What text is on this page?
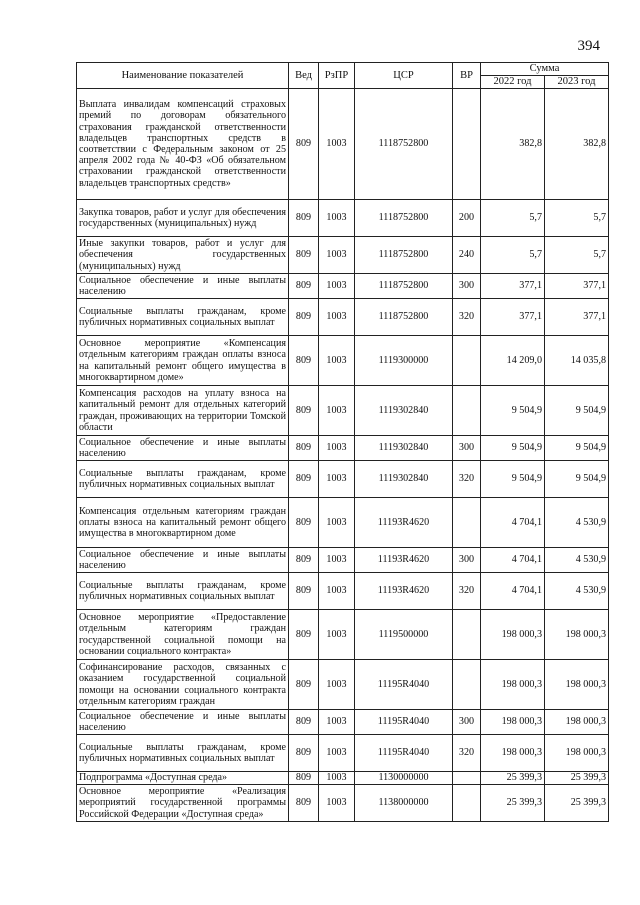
394
Наименование показателей	Вед	РзПР	ЦСР	ВР	Сумма	
					2022 год	2023 год
Выплата инвалидам компенсаций страховых премий по договорам обязательного страхования гражданской ответственности владельцев транспортных средств в соответствии с Федеральным законом от 25 апреля 2002 года № 40-ФЗ «Об обязательном страховании гражданской ответственности владельцев транспортных средств»	809	1003	1118752800		382,8	382,8
Закупка товаров, работ и услуг для обеспечения государственных (муниципальных) нужд	809	1003	1118752800	200	5,7	5,7
Иные закупки товаров, работ и услуг для обеспечения государственных (муниципальных) нужд	809	1003	1118752800	240	5,7	5,7
Социальное обеспечение и иные выплаты населению	809	1003	1118752800	300	377,1	377,1
Социальные выплаты гражданам, кроме публичных нормативных социальных выплат	809	1003	1118752800	320	377,1	377,1
Основное мероприятие «Компенсация отдельным категориям граждан оплаты взноса на капитальный ремонт общего имущества в многоквартирном доме»	809	1003	1119300000		14 209,0	14 035,8
Компенсация расходов на уплату взноса на капитальный ремонт для отдельных категорий граждан, проживающих на территории Томской области	809	1003	1119302840		9 504,9	9 504,9
Социальное обеспечение и иные выплаты населению	809	1003	1119302840	300	9 504,9	9 504,9
Социальные выплаты гражданам, кроме публичных нормативных социальных выплат	809	1003	1119302840	320	9 504,9	9 504,9
Компенсация отдельным категориям граждан оплаты взноса на капитальный ремонт общего имущества в многоквартирном доме	809	1003	11193R4620		4 704,1	4 530,9
Социальное обеспечение и иные выплаты населению	809	1003	11193R4620	300	4 704,1	4 530,9
Социальные выплаты гражданам, кроме публичных нормативных социальных выплат	809	1003	11193R4620	320	4 704,1	4 530,9
Основное мероприятие «Предоставление отдельным категориям граждан государственной социальной помощи на основании социального контракта»	809	1003	1119500000		198 000,3	198 000,3
Софинансирование расходов, связанных с оказанием государственной социальной помощи на основании социального контракта отдельным категориям граждан	809	1003	11195R4040		198 000,3	198 000,3
Социальное обеспечение и иные выплаты населению	809	1003	11195R4040	300	198 000,3	198 000,3
Социальные выплаты гражданам, кроме публичных нормативных социальных выплат	809	1003	11195R4040	320	198 000,3	198 000,3
Подпрограмма «Доступная среда»	809	1003	1130000000		25 399,3	25 399,3
Основное мероприятие «Реализация мероприятий государственной программы Российской Федерации «Доступная среда»	809	1003	1138000000		25 399,3	25 399,3
